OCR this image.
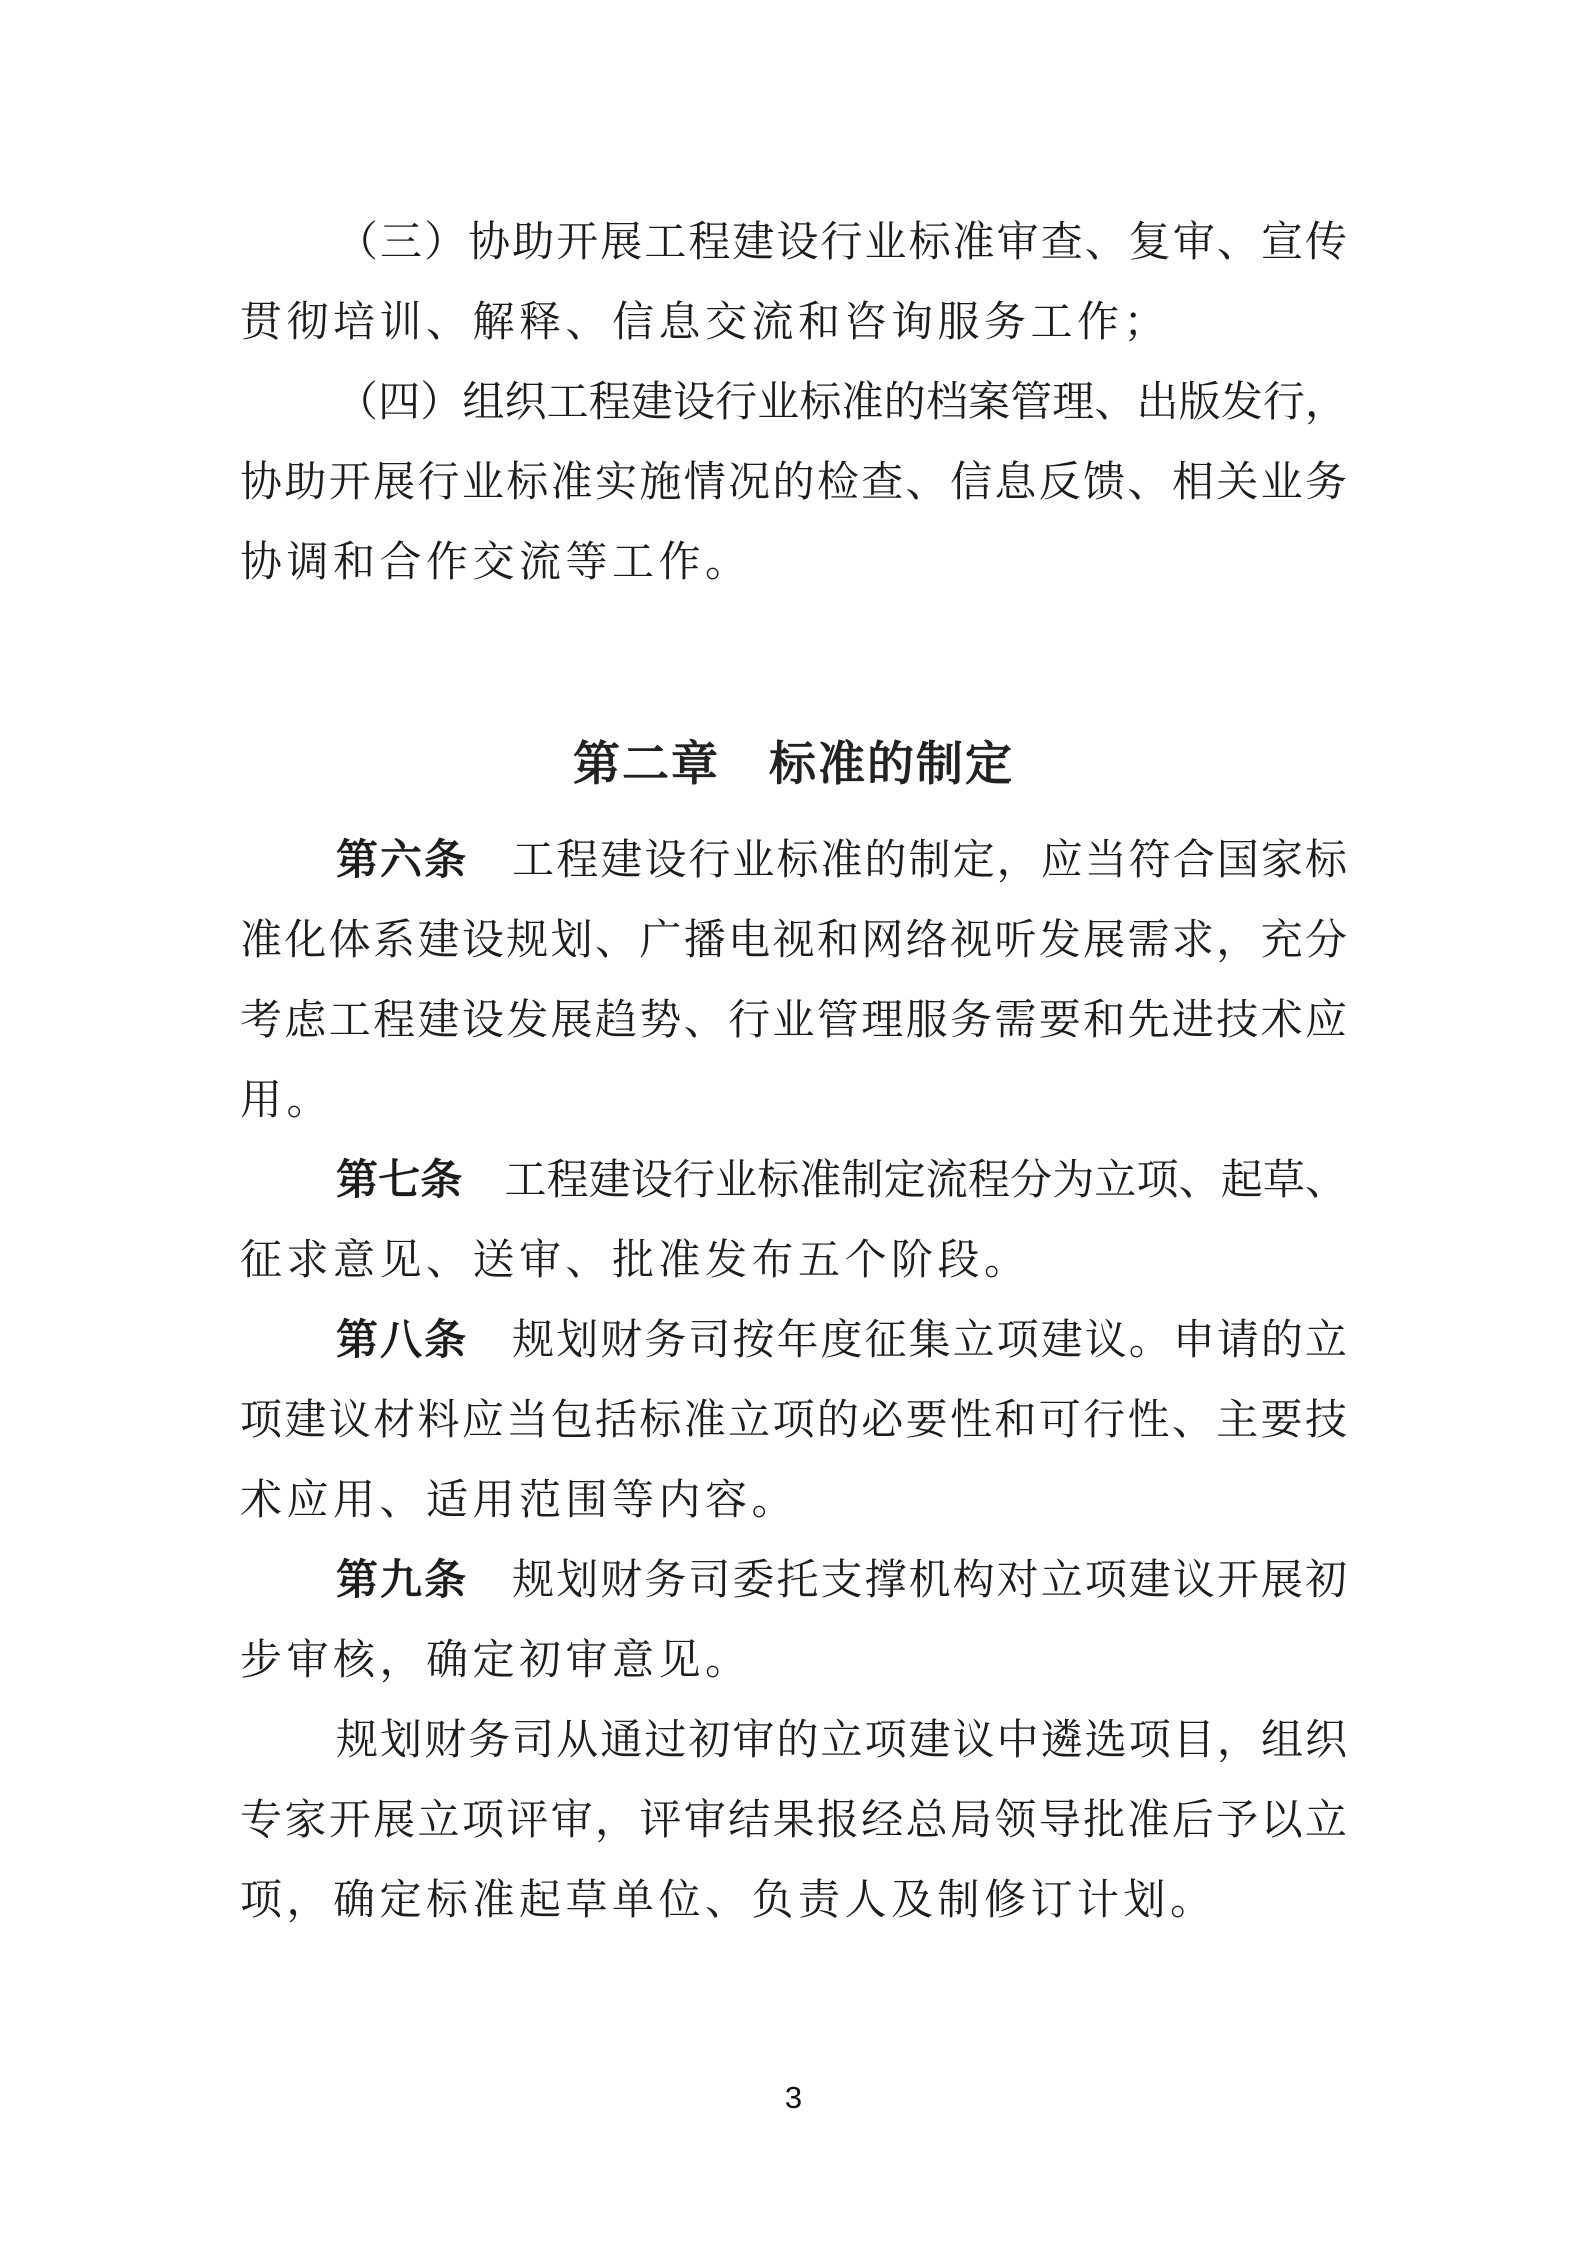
（三）协助开展工程建设行业标准审查、复审、宣传
贯彻培训、解释、信息交流和咨询服务工作；
（四）组织工程建设行业标准的档案管理、出版发行，
协助开展行业标准实施情况的检查、信息反馈、相关业务
协调和合作交流等工作。
第二章　标准的制定
第六条　工程建设行业标准的制定，应当符合国家标
准化体系建设规划、广播电视和网络视听发展需求，充分
考虑工程建设发展趋势、行业管理服务需要和先进技术应
用。
第七条　工程建设行业标准制定流程分为立项、起草、
征求意见、送审、批准发布五个阶段。
第八条　规划财务司按年度征集立项建议。申请的立
项建议材料应当包括标准立项的必要性和可行性、主要技
术应用、适用范围等内容。
第九条　规划财务司委托支撑机构对立项建议开展初
步审核，确定初审意见。
规划财务司从通过初审的立项建议中遴选项目，组织
专家开展立项评审，评审结果报经总局领导批准后予以立
项，确定标准起草单位、负责人及制修订计划。
3
